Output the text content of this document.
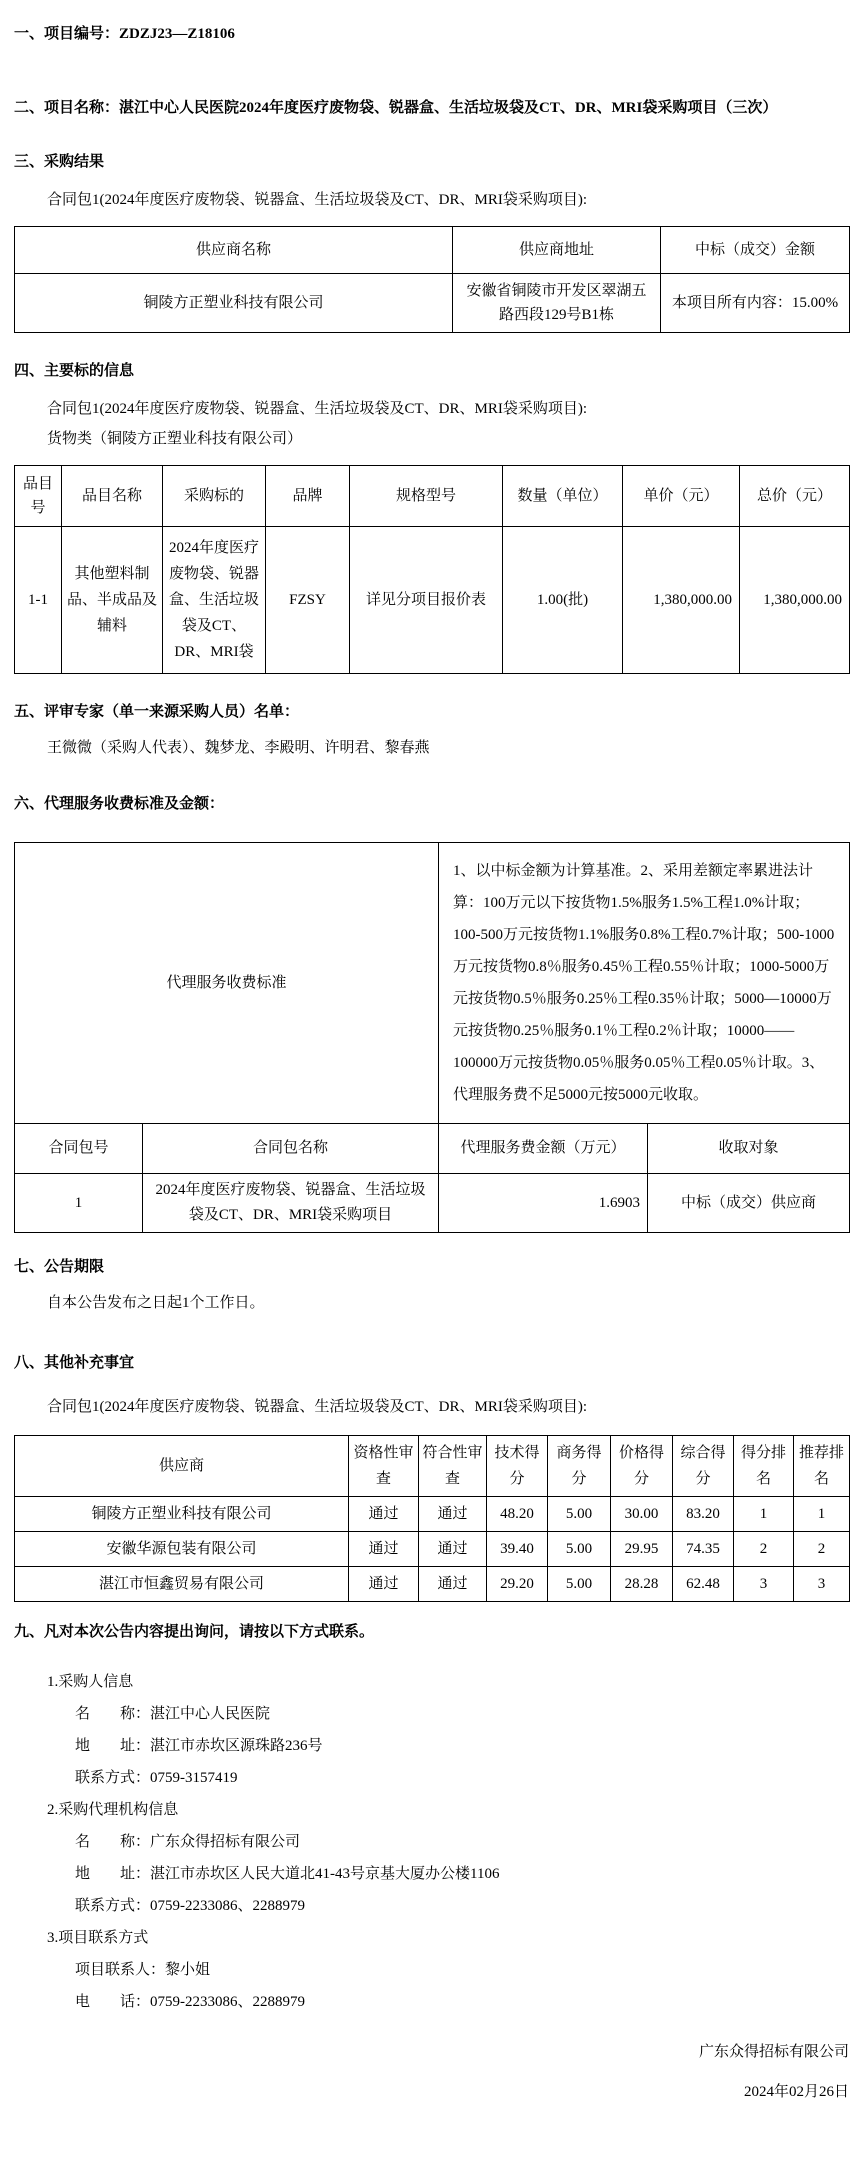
一、项目编号：ZDZJ23—Z18106
二、项目名称：湛江中心人民医院2024年度医疗废物袋、锐器盒、生活垃圾袋及CT、DR、MRI袋采购项目（三次）
三、采购结果
合同包1(2024年度医疗废物袋、锐器盒、生活垃圾袋及CT、DR、MRI袋采购项目):
供应商名称	供应商地址	中标（成交）金额
铜陵方正塑业科技有限公司	安徽省铜陵市开发区翠湖五路西段129号B1栋	本项目所有内容：15.00%
四、主要标的信息
合同包1(2024年度医疗废物袋、锐器盒、生活垃圾袋及CT、DR、MRI袋采购项目):
货物类（铜陵方正塑业科技有限公司）
品目号	品目名称	采购标的	品牌	规格型号	数量（单位）	单价（元）	总价（元）
1-1	其他塑料制品、半成品及辅料	2024年度医疗废物袋、锐器盒、生活垃圾袋及CT、DR、MRI袋	FZSY	详见分项目报价表	1.00(批)	1,380,000.00	1,380,000.00
五、评审专家（单一来源采购人员）名单：
王微微（采购人代表）、魏梦龙、李殿明、许明君、黎春燕
六、代理服务收费标准及金额：
代理服务收费标准		1、以中标金额为计算基准。2、采用差额定率累进法计算：100万元以下按货物1.5%服务1.5%工程1.0%计取；100-500万元按货物1.1%服务0.8%工程0.7%计取；500-1000万元按货物0.8％服务0.45％工程0.55％计取；1000-5000万元按货物0.5％服务0.25％工程0.35％计取；5000—10000万元按货物0.25％服务0.1％工程0.2％计取；10000——100000万元按货物0.05％服务0.05％工程0.05％计取。3、代理服务费不足5000元按5000元收取。	
合同包号	合同包名称	代理服务费金额（万元）	收取对象
1	2024年度医疗废物袋、锐器盒、生活垃圾袋及CT、DR、MRI袋采购项目	1.6903	中标（成交）供应商
七、公告期限
自本公告发布之日起1个工作日。
八、其他补充事宜
合同包1(2024年度医疗废物袋、锐器盒、生活垃圾袋及CT、DR、MRI袋采购项目):
供应商	资格性审查	符合性审查	技术得分	商务得分	价格得分	综合得分	得分排名	推荐排名
铜陵方正塑业科技有限公司	通过	通过	48.20	5.00	30.00	83.20	1	1
安徽华源包装有限公司	通过	通过	39.40	5.00	29.95	74.35	2	2
湛江市恒鑫贸易有限公司	通过	通过	29.20	5.00	28.28	62.48	3	3
九、凡对本次公告内容提出询问，请按以下方式联系。
1.采购人信息
名　　称：湛江中心人民医院
地　　址：湛江市赤坎区源珠路236号
联系方式：0759-3157419
2.采购代理机构信息
名　　称：广东众得招标有限公司
地　　址：湛江市赤坎区人民大道北41-43号京基大厦办公楼1106
联系方式：0759-2233086、2288979
3.项目联系方式
项目联系人：黎小姐
电　　话：0759-2233086、2288979
广东众得招标有限公司
2024年02月26日
